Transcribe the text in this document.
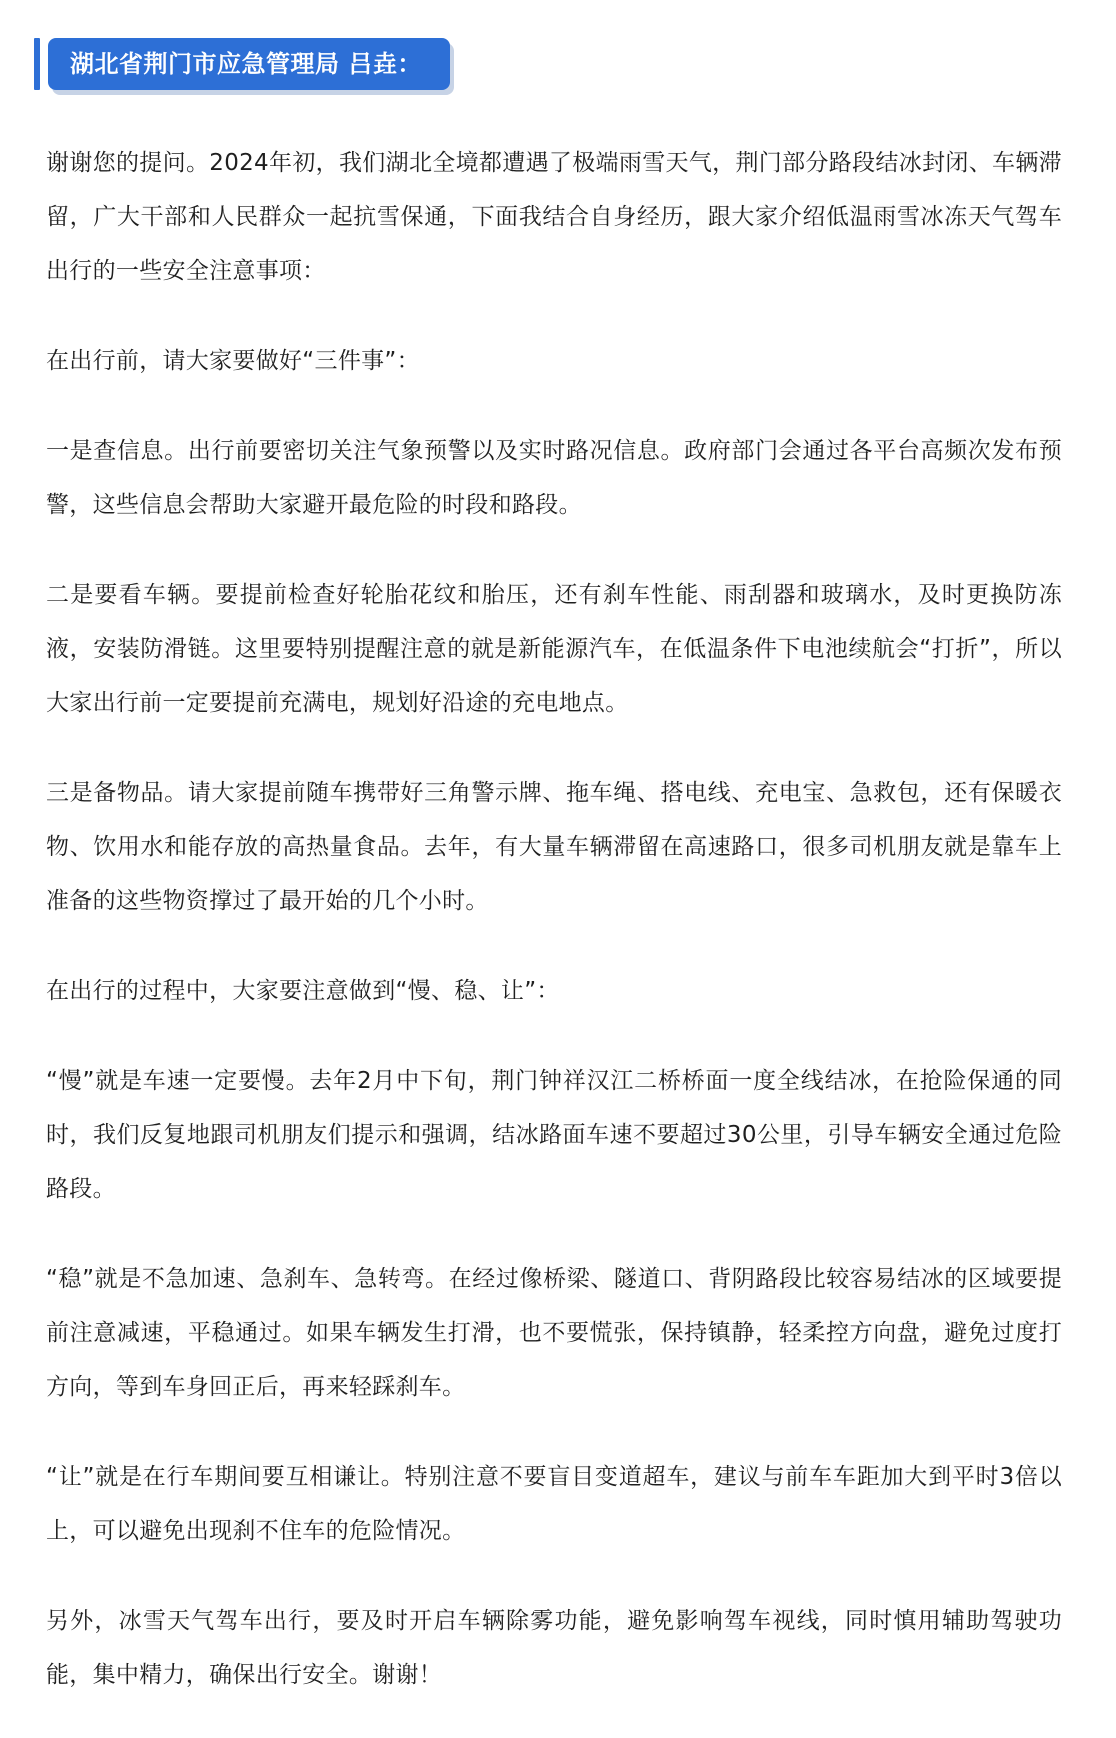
湖北省荆门市应急管理局 吕垚：

谢谢您的提问。2024年初，我们湖北全境都遭遇了极端雨雪天气，荆门部分路段结冰封闭、车辆滞留，广大干部和人民群众一起抗雪保通，下面我结合自身经历，跟大家介绍低温雨雪冰冻天气驾车出行的一些安全注意事项：

在出行前，请大家要做好“三件事”：

一是查信息。出行前要密切关注气象预警以及实时路况信息。政府部门会通过各平台高频次发布预警，这些信息会帮助大家避开最危险的时段和路段。

二是要看车辆。要提前检查好轮胎花纹和胎压，还有刹车性能、雨刮器和玻璃水，及时更换防冻液，安装防滑链。这里要特别提醒注意的就是新能源汽车，在低温条件下电池续航会“打折”，所以大家出行前一定要提前充满电，规划好沿途的充电地点。

三是备物品。请大家提前随车携带好三角警示牌、拖车绳、搭电线、充电宝、急救包，还有保暖衣物、饮用水和能存放的高热量食品。去年，有大量车辆滞留在高速路口，很多司机朋友就是靠车上准备的这些物资撑过了最开始的几个小时。

在出行的过程中，大家要注意做到“慢、稳、让”：

“慢”就是车速一定要慢。去年2月中下旬，荆门钟祥汉江二桥桥面一度全线结冰，在抢险保通的同时，我们反复地跟司机朋友们提示和强调，结冰路面车速不要超过30公里，引导车辆安全通过危险路段。

“稳”就是不急加速、急刹车、急转弯。在经过像桥梁、隧道口、背阴路段比较容易结冰的区域要提前注意减速，平稳通过。如果车辆发生打滑，也不要慌张，保持镇静，轻柔控方向盘，避免过度打方向，等到车身回正后，再来轻踩刹车。

“让”就是在行车期间要互相谦让。特别注意不要盲目变道超车，建议与前车车距加大到平时3倍以上，可以避免出现刹不住车的危险情况。

另外，冰雪天气驾车出行，要及时开启车辆除雾功能，避免影响驾车视线，同时慎用辅助驾驶功能，集中精力，确保出行安全。谢谢！
